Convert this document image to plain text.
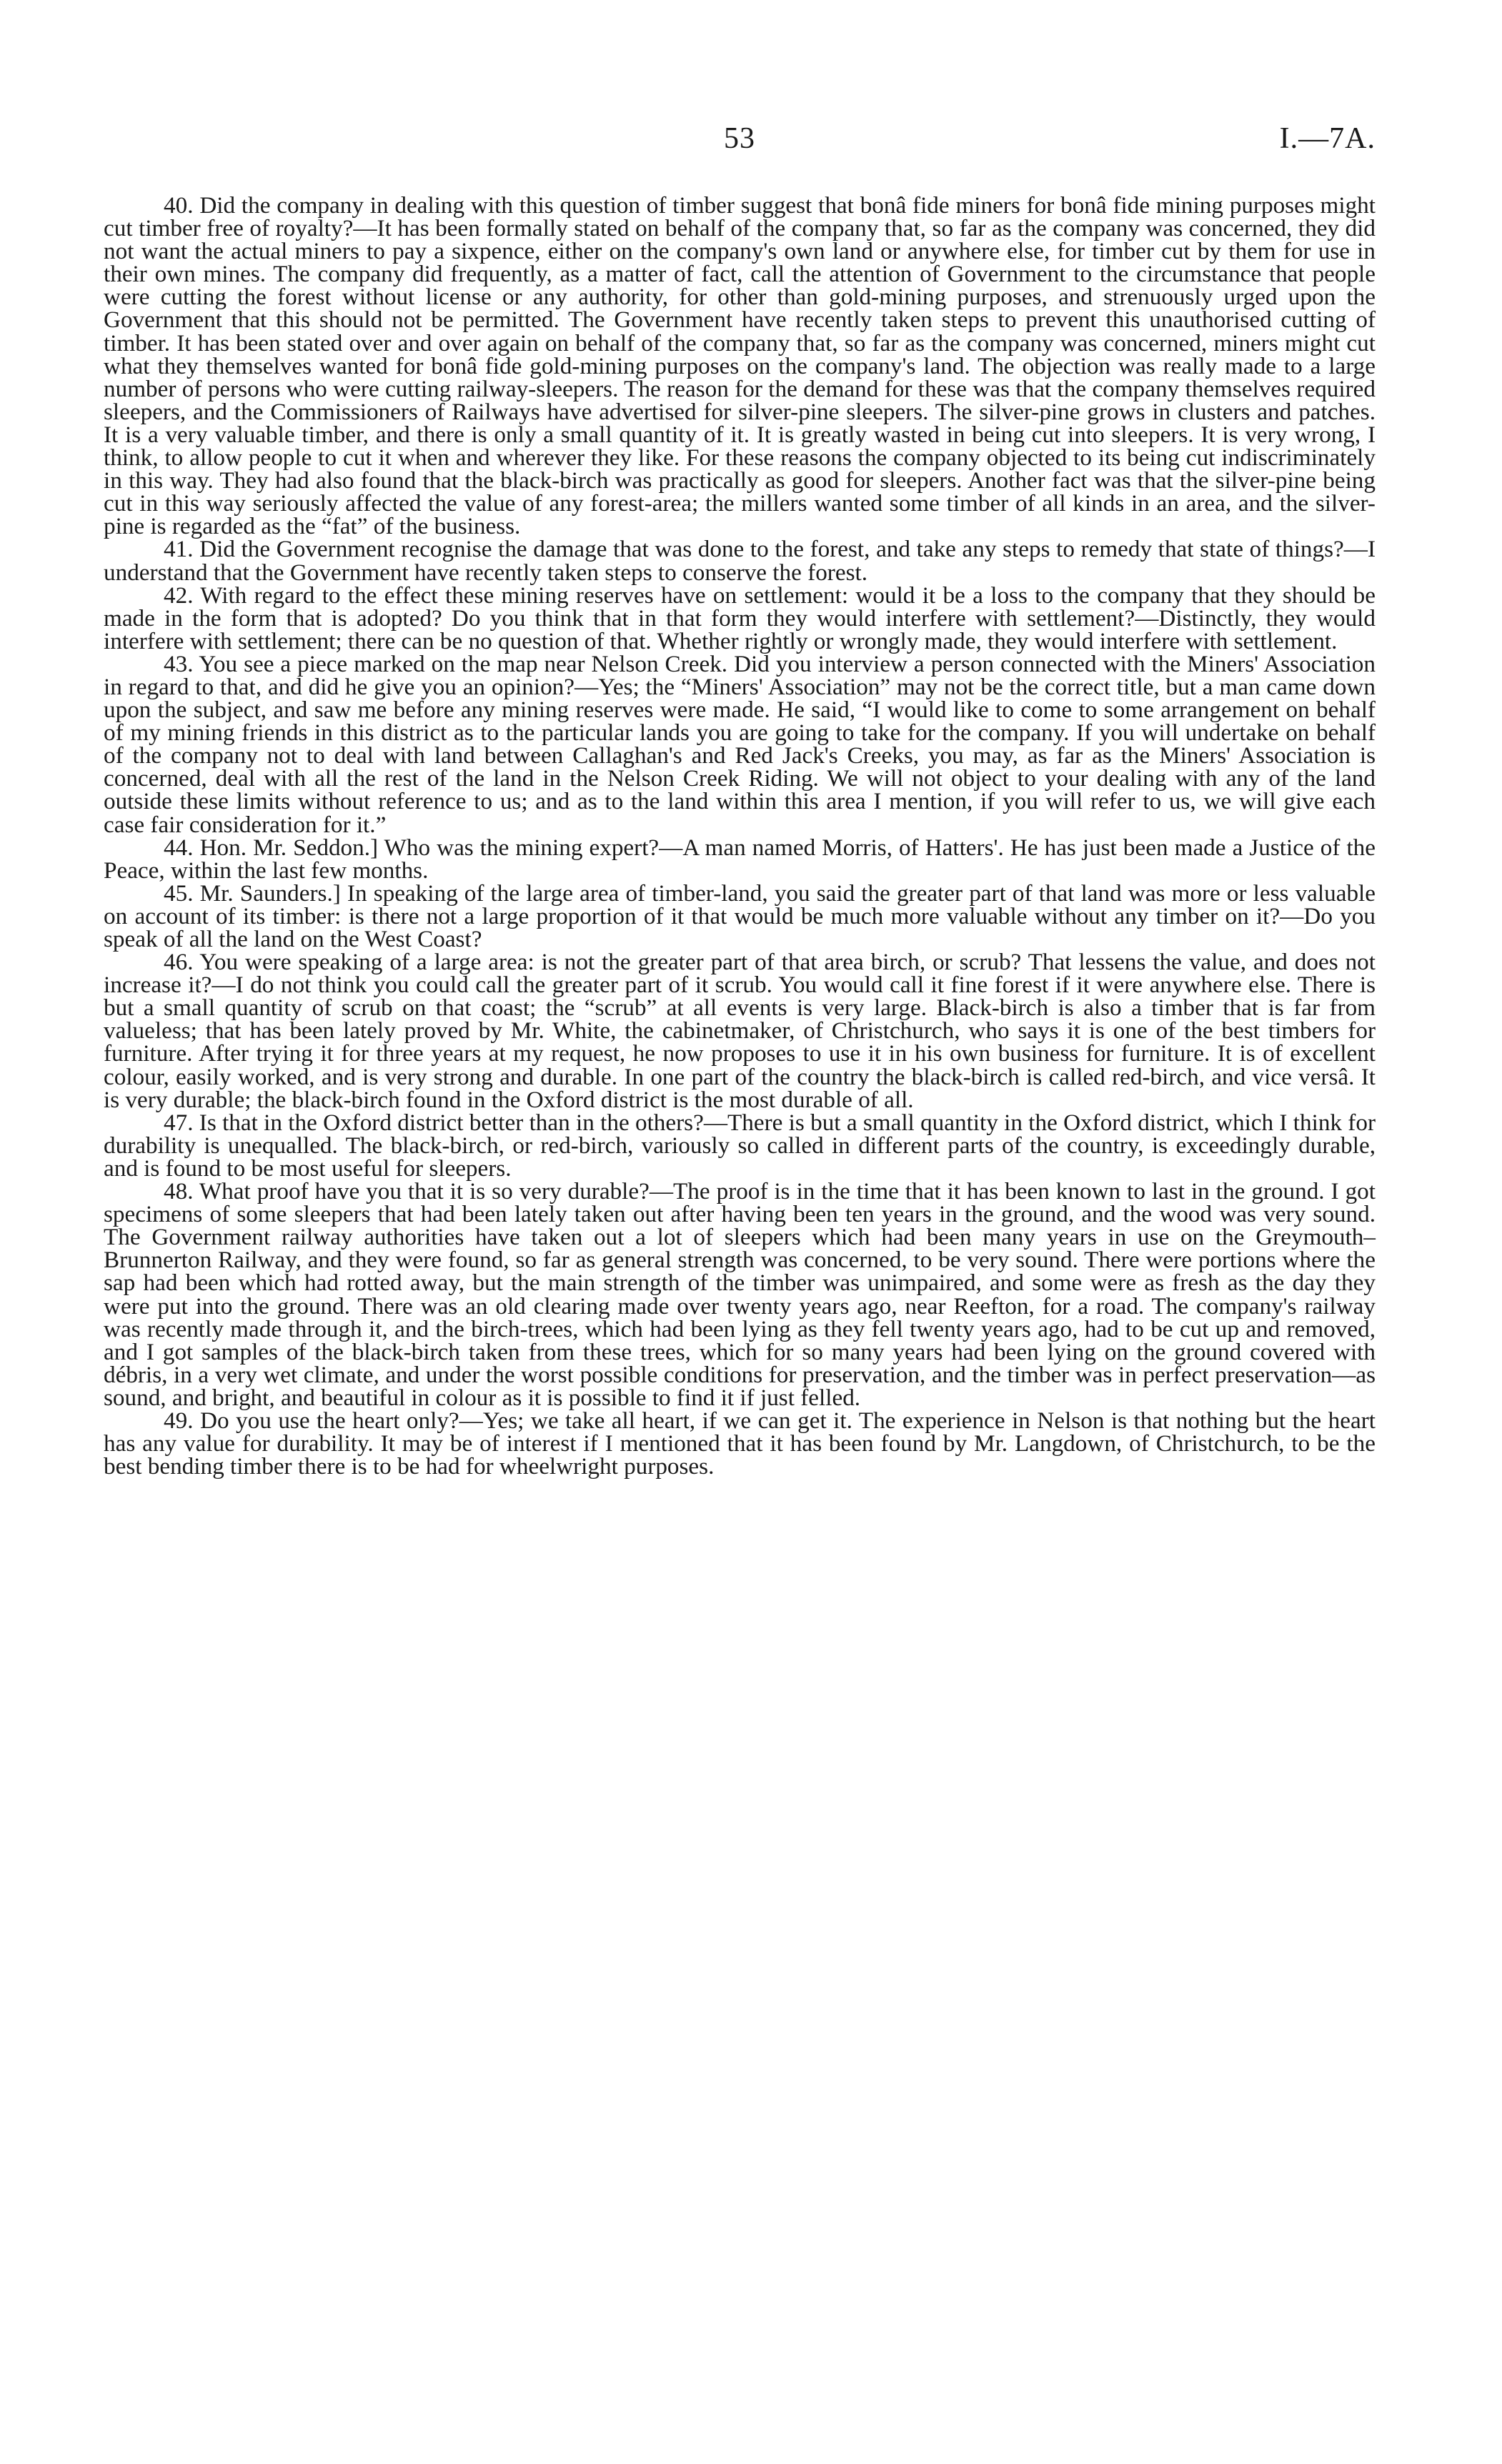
53	I.—7A.

40. Did the company in dealing with this question of timber suggest that bonâ fide miners for bonâ fide mining purposes might cut timber free of royalty?—It has been formally stated on behalf of the company that, so far as the company was concerned, they did not want the actual miners to pay a sixpence, either on the company's own land or anywhere else, for timber cut by them for use in their own mines. The company did frequently, as a matter of fact, call the attention of Government to the circumstance that people were cutting the forest without license or any authority, for other than gold-mining purposes, and strenuously urged upon the Government that this should not be permitted. The Government have recently taken steps to prevent this unauthorised cutting of timber. It has been stated over and over again on behalf of the company that, so far as the company was concerned, miners might cut what they themselves wanted for bonâ fide gold-mining purposes on the company's land. The objection was really made to a large number of persons who were cutting railway-sleepers. The reason for the demand for these was that the company themselves required sleepers, and the Commissioners of Railways have advertised for silver-pine sleepers. The silver-pine grows in clusters and patches. It is a very valuable timber, and there is only a small quantity of it. It is greatly wasted in being cut into sleepers. It is very wrong, I think, to allow people to cut it when and wherever they like. For these reasons the company objected to its being cut indiscriminately in this way. They had also found that the black-birch was practically as good for sleepers. Another fact was that the silver-pine being cut in this way seriously affected the value of any forest-area; the millers wanted some timber of all kinds in an area, and the silver-pine is regarded as the “fat” of the business.

41. Did the Government recognise the damage that was done to the forest, and take any steps to remedy that state of things?—I understand that the Government have recently taken steps to conserve the forest.

42. With regard to the effect these mining reserves have on settlement: would it be a loss to the company that they should be made in the form that is adopted? Do you think that in that form they would interfere with settlement?—Distinctly, they would interfere with settlement; there can be no question of that. Whether rightly or wrongly made, they would interfere with settlement.

43. You see a piece marked on the map near Nelson Creek. Did you interview a person connected with the Miners' Association in regard to that, and did he give you an opinion?—Yes; the “Miners' Association” may not be the correct title, but a man came down upon the subject, and saw me before any mining reserves were made. He said, “I would like to come to some arrangement on behalf of my mining friends in this district as to the particular lands you are going to take for the company. If you will undertake on behalf of the company not to deal with land between Callaghan's and Red Jack's Creeks, you may, as far as the Miners' Association is concerned, deal with all the rest of the land in the Nelson Creek Riding. We will not object to your dealing with any of the land outside these limits without reference to us; and as to the land within this area I mention, if you will refer to us, we will give each case fair consideration for it.”

44. Hon. Mr. Seddon.] Who was the mining expert?—A man named Morris, of Hatters'. He has just been made a Justice of the Peace, within the last few months.

45. Mr. Saunders.] In speaking of the large area of timber-land, you said the greater part of that land was more or less valuable on account of its timber: is there not a large proportion of it that would be much more valuable without any timber on it?—Do you speak of all the land on the West Coast?

46. You were speaking of a large area: is not the greater part of that area birch, or scrub? That lessens the value, and does not increase it?—I do not think you could call the greater part of it scrub. You would call it fine forest if it were anywhere else. There is but a small quantity of scrub on that coast; the “scrub” at all events is very large. Black-birch is also a timber that is far from valueless; that has been lately proved by Mr. White, the cabinetmaker, of Christchurch, who says it is one of the best timbers for furniture. After trying it for three years at my request, he now proposes to use it in his own business for furniture. It is of excellent colour, easily worked, and is very strong and durable. In one part of the country the black-birch is called red-birch, and vice versâ. It is very durable; the black-birch found in the Oxford district is the most durable of all.

47. Is that in the Oxford district better than in the others?—There is but a small quantity in the Oxford district, which I think for durability is unequalled. The black-birch, or red-birch, variously so called in different parts of the country, is exceedingly durable, and is found to be most useful for sleepers.

48. What proof have you that it is so very durable?—The proof is in the time that it has been known to last in the ground. I got specimens of some sleepers that had been lately taken out after having been ten years in the ground, and the wood was very sound. The Government railway authorities have taken out a lot of sleepers which had been many years in use on the Greymouth–Brunnerton Railway, and they were found, so far as general strength was concerned, to be very sound. There were portions where the sap had been which had rotted away, but the main strength of the timber was unimpaired, and some were as fresh as the day they were put into the ground. There was an old clearing made over twenty years ago, near Reefton, for a road. The company's railway was recently made through it, and the birch-trees, which had been lying as they fell twenty years ago, had to be cut up and removed, and I got samples of the black-birch taken from these trees, which for so many years had been lying on the ground covered with débris, in a very wet climate, and under the worst possible conditions for preservation, and the timber was in perfect preservation—as sound, and bright, and beautiful in colour as it is possible to find it if just felled.

49. Do you use the heart only?—Yes; we take all heart, if we can get it. The experience in Nelson is that nothing but the heart has any value for durability. It may be of interest if I mentioned that it has been found by Mr. Langdown, of Christchurch, to be the best bending timber there is to be had for wheelwright purposes.
